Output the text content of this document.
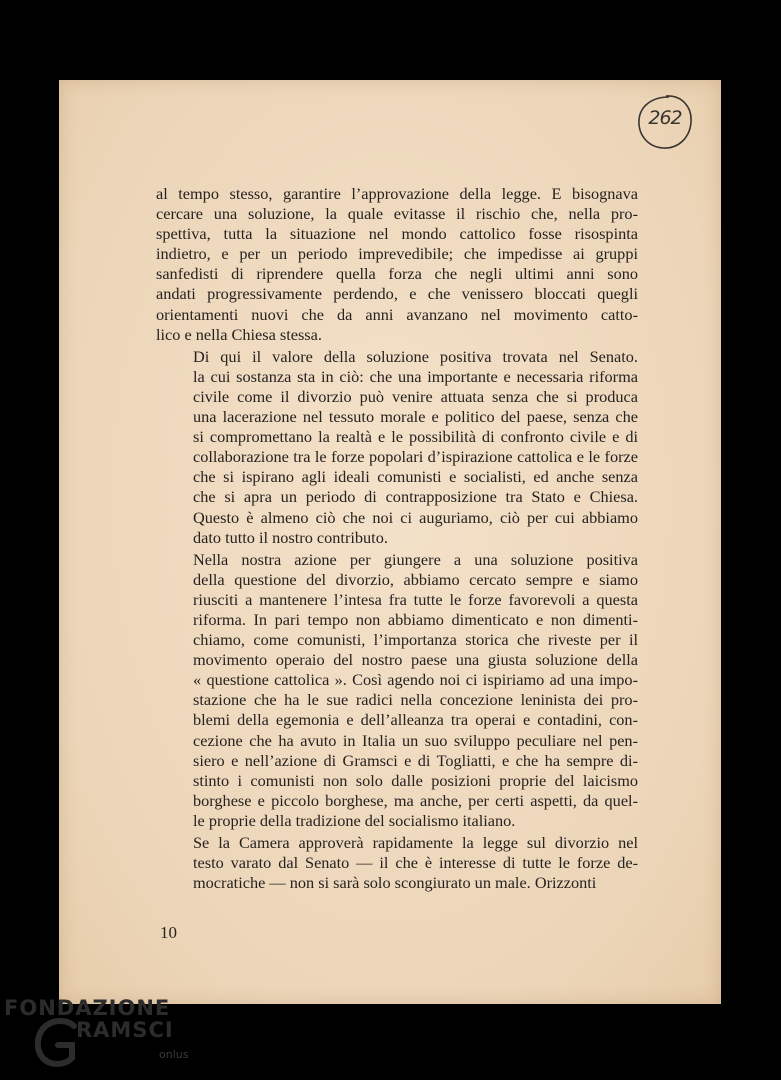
262

al tempo stesso, garantire l’approvazione della legge. E bisognava
cercare una soluzione, la quale evitasse il rischio che, nella pro-
spettiva, tutta la situazione nel mondo cattolico fosse risospinta
indietro, e per un periodo imprevedibile; che impedisse ai gruppi
sanfedisti di riprendere quella forza che negli ultimi anni sono
andati progressivamente perdendo, e che venissero bloccati quegli
orientamenti nuovi che da anni avanzano nel movimento catto-
lico e nella Chiesa stessa.

Di qui il valore della soluzione positiva trovata nel Senato.
la cui sostanza sta in ciò: che una importante e necessaria riforma
civile come il divorzio può venire attuata senza che si produca
una lacerazione nel tessuto morale e politico del paese, senza che
si compromettano la realtà e le possibilità di confronto civile e di
collaborazione tra le forze popolari d’ispirazione cattolica e le forze
che si ispirano agli ideali comunisti e socialisti, ed anche senza
che si apra un periodo di contrapposizione tra Stato e Chiesa.
Questo è almeno ciò che noi ci auguriamo, ciò per cui abbiamo
dato tutto il nostro contributo.

Nella nostra azione per giungere a una soluzione positiva
della questione del divorzio, abbiamo cercato sempre e siamo
riusciti a mantenere l’intesa fra tutte le forze favorevoli a questa
riforma. In pari tempo non abbiamo dimenticato e non dimenti-
chiamo, come comunisti, l’importanza storica che riveste per il
movimento operaio del nostro paese una giusta soluzione della
« questione cattolica ». Così agendo noi ci ispiriamo ad una impo-
stazione che ha le sue radici nella concezione leninista dei pro-
blemi della egemonia e dell’alleanza tra operai e contadini, con-
cezione che ha avuto in Italia un suo sviluppo peculiare nel pen-
siero e nell’azione di Gramsci e di Togliatti, e che ha sempre di-
stinto i comunisti non solo dalle posizioni proprie del laicismo
borghese e piccolo borghese, ma anche, per certi aspetti, da quel-
le proprie della tradizione del socialismo italiano.

Se la Camera approverà rapidamente la legge sul divorzio nel
testo varato dal Senato — il che è interesse di tutte le forze de-
mocratiche — non si sarà solo scongiurato un male. Orizzonti

10
FONDAZIONE
RAMSCI
onlus
